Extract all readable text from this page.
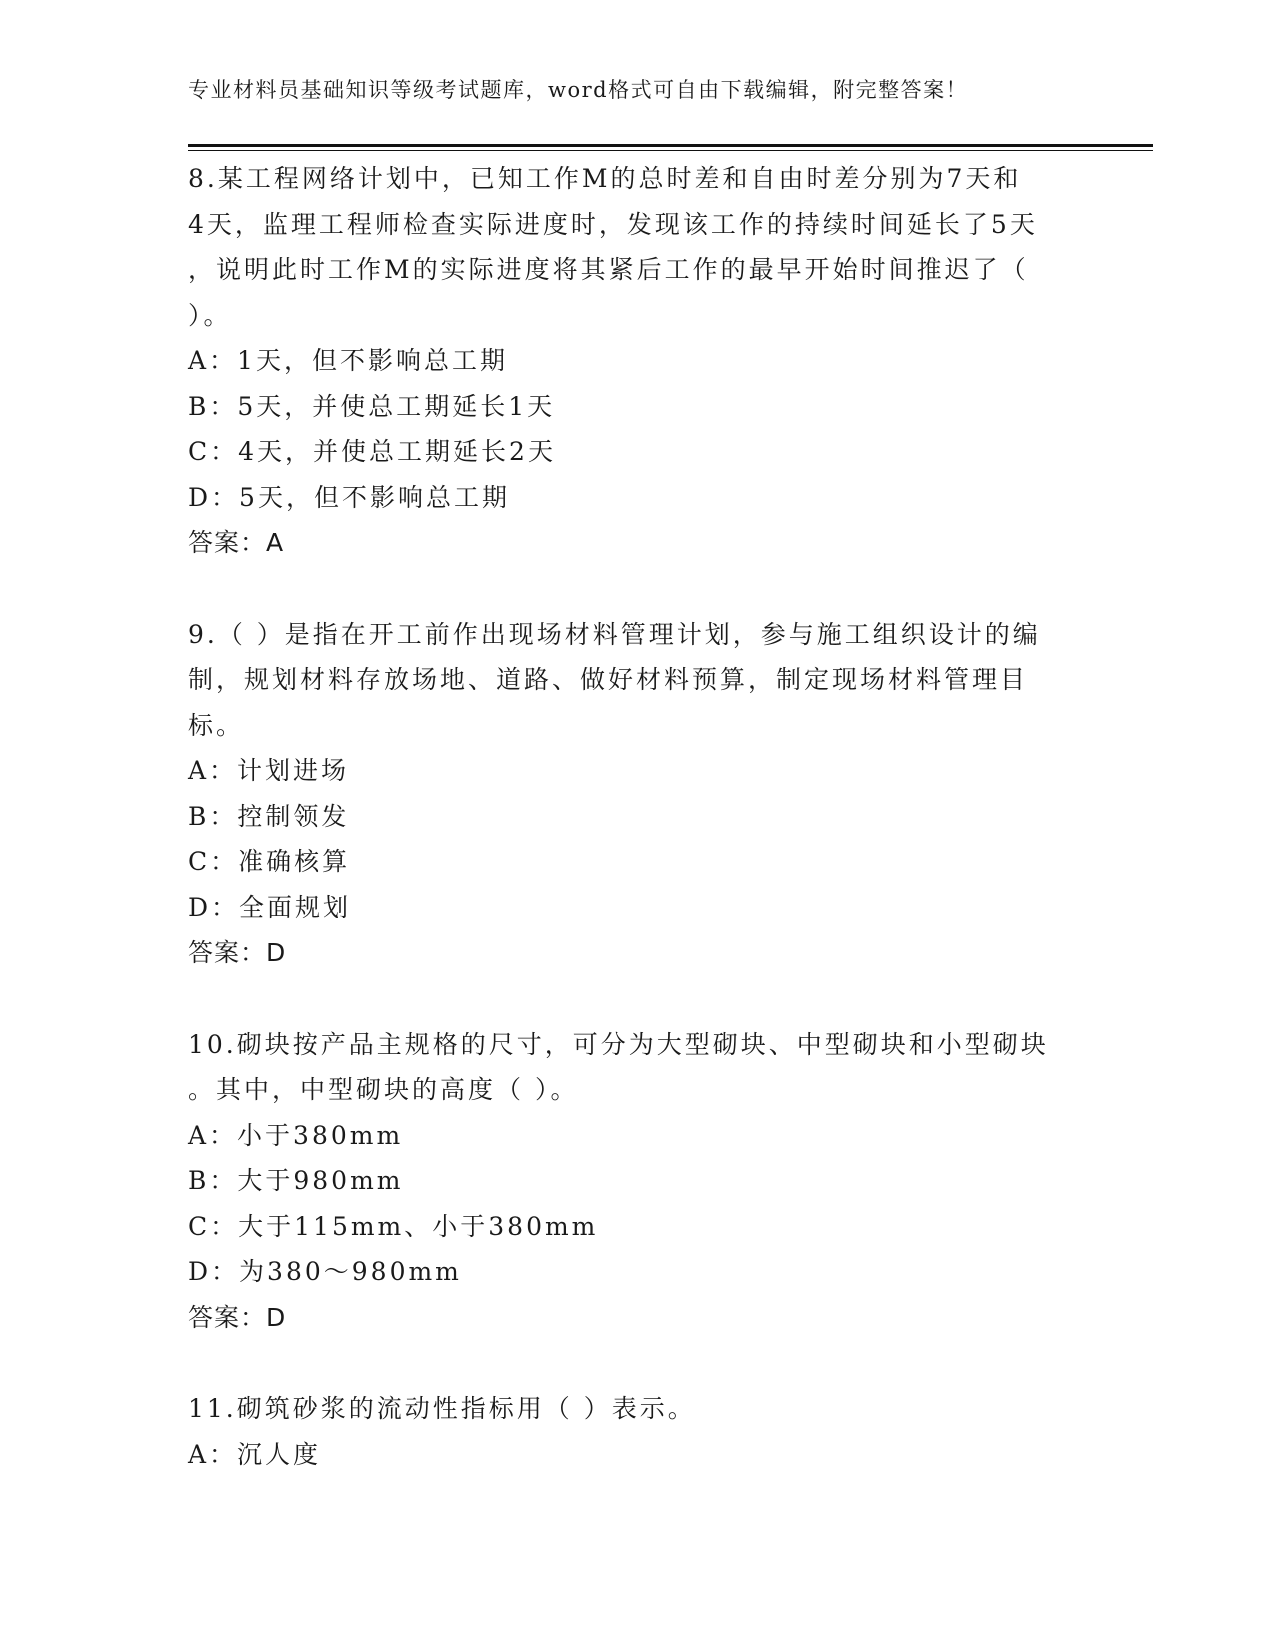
专业材料员基础知识等级考试题库，word格式可自由下载编辑，附完整答案！
8.某工程网络计划中，已知工作M的总时差和自由时差分别为7天和
4天，监理工程师检查实际进度时，发现该工作的持续时间延长了5天
，说明此时工作M的实际进度将其紧后工作的最早开始时间推迟了（
）。
A：1天，但不影响总工期
B：5天，并使总工期延长1天
C：4天，并使总工期延长2天
D：5天，但不影响总工期
答案：A
9.（ ）是指在开工前作出现场材料管理计划，参与施工组织设计的编
制，规划材料存放场地、道路、做好材料预算，制定现场材料管理目
标。
A：计划进场
B：控制领发
C：准确核算
D：全面规划
答案：D
10.砌块按产品主规格的尺寸，可分为大型砌块、中型砌块和小型砌块
。其中，中型砌块的高度（ ）。
A：小于380mm
B：大于980mm
C：大于115mm、小于380mm
D：为380～980mm
答案：D
11.砌筑砂浆的流动性指标用（ ）表示。
A：沉人度
